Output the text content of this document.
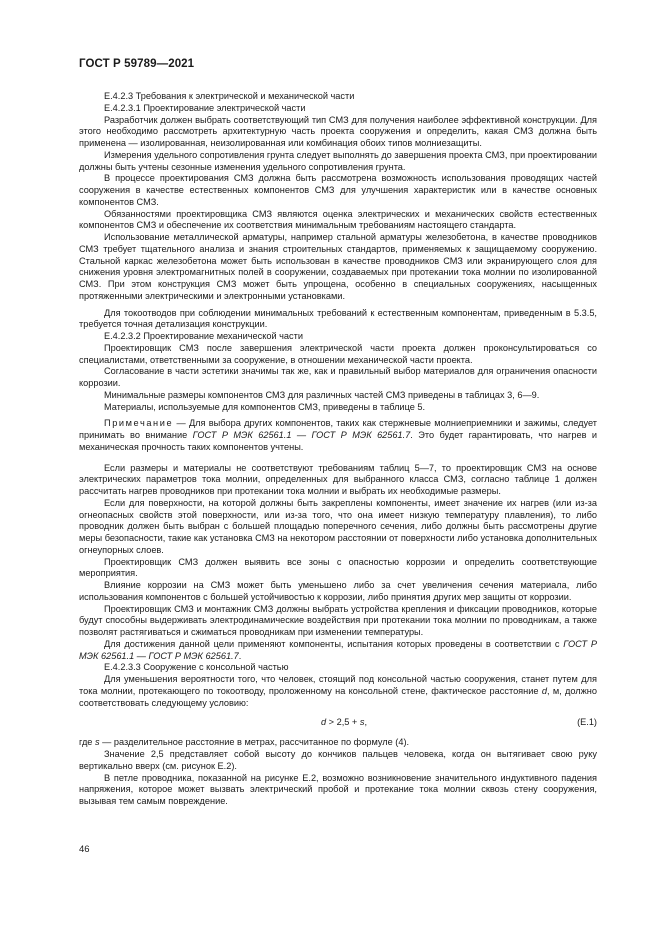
ГОСТ Р 59789—2021

Е.4.2.3 Требования к электрической и механической части

Е.4.2.3.1 Проектирование электрической части

Разработчик должен выбрать соответствующий тип СМЗ для получения наиболее эффективной конструкции. Для этого необходимо рассмотреть архитектурную часть проекта сооружения и определить, какая СМЗ должна быть применена — изолированная, неизолированная или комбинация обоих типов молниезащиты.

Измерения удельного сопротивления грунта следует выполнять до завершения проекта СМЗ, при проектировании должны быть учтены сезонные изменения удельного сопротивления грунта.

В процессе проектирования СМЗ должна быть рассмотрена возможность использования проводящих частей сооружения в качестве естественных компонентов СМЗ для улучшения характеристик или в качестве основных компонентов СМЗ.

Обязанностями проектировщика СМЗ являются оценка электрических и механических свойств естественных компонентов СМЗ и обеспечение их соответствия минимальным требованиям настоящего стандарта.

Использование металлической арматуры, например стальной арматуры железобетона, в качестве проводников СМЗ требует тщательного анализа и знания строительных стандартов, применяемых к защищаемому сооружению. Стальной каркас железобетона может быть использован в качестве проводников СМЗ или экранирующего слоя для снижения уровня электромагнитных полей в сооружении, создаваемых при протекании тока молнии по изолированной СМЗ. При этом конструкция СМЗ может быть упрощена, особенно в специальных сооружениях, насыщенных протяженными электрическими и электронными установками.

Для токоотводов при соблюдении минимальных требований к естественным компонентам, приведенным в 5.3.5, требуется точная детализация конструкции.

Е.4.2.3.2 Проектирование механической части

Проектировщик СМЗ после завершения электрической части проекта должен проконсультироваться со специалистами, ответственными за сооружение, в отношении механической части проекта.

Согласование в части эстетики значимы так же, как и правильный выбор материалов для ограничения опасности коррозии.

Минимальные размеры компонентов СМЗ для различных частей СМЗ приведены в таблицах 3, 6—9.

Материалы, используемые для компонентов СМЗ, приведены в таблице 5.

Примечание — Для выбора других компонентов, таких как стержневые молниеприемники и зажимы, следует принимать во внимание ГОСТ Р МЭК 62561.1 — ГОСТ Р МЭК 62561.7. Это будет гарантировать, что нагрев и механическая прочность таких компонентов учтены.

Если размеры и материалы не соответствуют требованиям таблиц 5—7, то проектировщик СМЗ на основе электрических параметров тока молнии, определенных для выбранного класса СМЗ, согласно таблице 1 должен рассчитать нагрев проводников при протекании тока молнии и выбрать их необходимые размеры.

Если для поверхности, на которой должны быть закреплены компоненты, имеет значение их нагрев (или из-за огнеопасных свойств этой поверхности, или из-за того, что она имеет низкую температуру плавления), то либо проводник должен быть выбран с большей площадью поперечного сечения, либо должны быть рассмотрены другие меры безопасности, такие как установка СМЗ на некотором расстоянии от поверхности либо установка дополнительных огнеупорных слоев.

Проектировщик СМЗ должен выявить все зоны с опасностью коррозии и определить соответствующие мероприятия.

Влияние коррозии на СМЗ может быть уменьшено либо за счет увеличения сечения материала, либо использования компонентов с большей устойчивостью к коррозии, либо принятия других мер защиты от коррозии.

Проектировщик СМЗ и монтажник СМЗ должны выбрать устройства крепления и фиксации проводников, которые будут способны выдерживать электродинамические воздействия при протекании тока молнии по проводникам, а также позволят растягиваться и сжиматься проводникам при изменении температуры.

Для достижения данной цели применяют компоненты, испытания которых проведены в соответствии с ГОСТ Р МЭК 62561.1 — ГОСТ Р МЭК 62561.7.

Е.4.2.3.3 Сооружение с консольной частью

Для уменьшения вероятности того, что человек, стоящий под консольной частью сооружения, станет путем для тока молнии, протекающего по токоотводу, проложенному на консольной стене, фактическое расстояние d, м, должно соответствовать следующему условию:

d > 2,5 + s,	(Е.1)

где s — разделительное расстояние в метрах, рассчитанное по формуле (4).

Значение 2,5 представляет собой высоту до кончиков пальцев человека, когда он вытягивает свою руку вертикально вверх (см. рисунок Е.2).

В петле проводника, показанной на рисунке Е.2, возможно возникновение значительного индуктивного падения напряжения, которое может вызвать электрический пробой и протекание тока молнии сквозь стену сооружения, вызывая тем самым повреждение.

46
